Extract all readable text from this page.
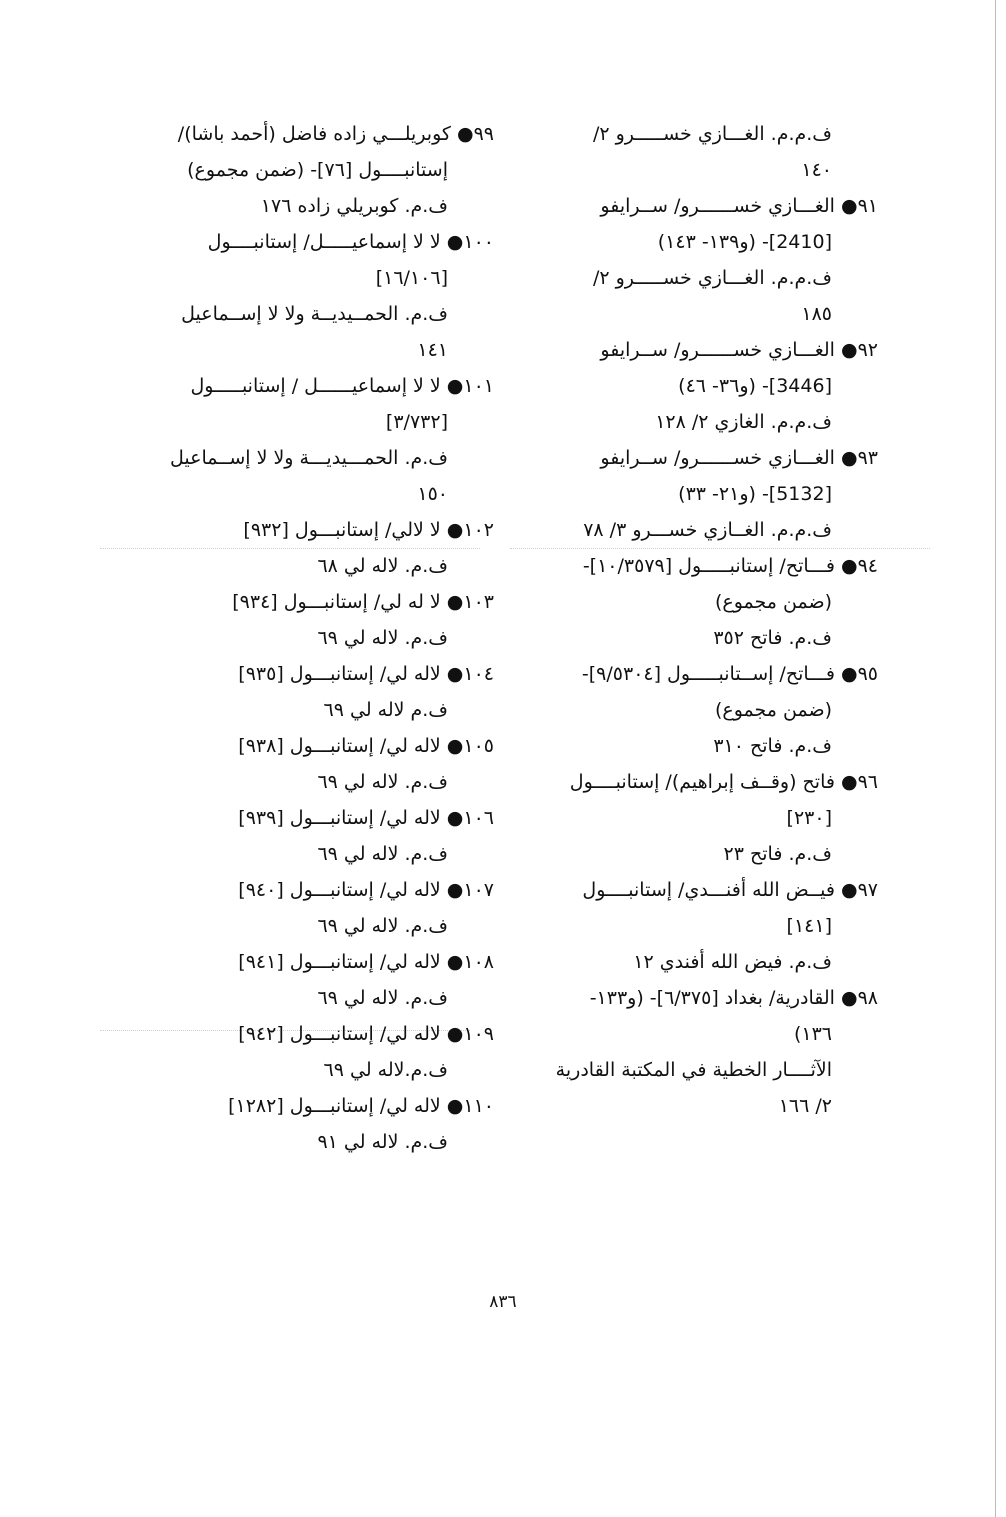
ف.م.م. الغـــازي خســـــرو ٢/
١٤٠
٩١● الغـــازي خســــــرو/ ســرايفو
[2410]- (و١٣٩- ١٤٣)
ف.م.م. الغـــازي خســـــرو ٢/
١٨٥
٩٢● الغـــازي خســــــرو/ ســرايفو
[3446]- (و٣٦- ٤٦)
ف.م.م. الغازي ٢/ ١٢٨
٩٣● الغـــازي خســــــرو/ ســرايفو
[5132]- (و٢١- ٣٣)
ف.م.م. الغــازي خســـرو ٣/ ٧٨
٩٤● فـــاتح/ إستانبـــــول [١٠/٣٥٧٩]-
(ضمن مجموع)
ف.م. فاتح ٣٥٢
٩٥● فـــاتح/ إســتانبـــــول [٩/٥٣٠٤]-
(ضمن مجموع)
ف.م. فاتح ٣١٠
٩٦● فاتح (وقــف إبراهيم)/ إستانبــــول
[٢٣٠]
ف.م. فاتح ٢٣
٩٧● فيــض الله أفنـــدي/ إستانبــــول
[١٤١]
ف.م. فيض الله أفندي ١٢
٩٨● القادرية/ بغداد [٦/٣٧٥]- (و١٣٣-
١٣٦)
الآثــــار الخطية في المكتبة القادرية
٢/ ١٦٦
٩٩● كوبريلـــي زاده فاضل (أحمد باشا)/
إستانبــــول [٧٦]- (ضمن مجموع)
ف.م. كوبريلي زاده ١٧٦
١٠٠● لا لا إسماعيـــــل/ إستانبــــول
[١٦/١٠٦]
ف.م. الحمــيديــة ولا لا إســماعيل
١٤١
١٠١● لا لا إسماعيــــــل / إستانبـــــول
[٣/٧٣٢]
ف.م. الحمـــيديـــة ولا لا إســماعيل
١٥٠
١٠٢● لا لالي/ إستانبـــول [٩٣٢]
ف.م. لاله لي ٦٨
١٠٣● لا له لي/ إستانبـــول [٩٣٤]
ف.م. لاله لي ٦٩
١٠٤● لاله لي/ إستانبـــول [٩٣٥]
ف.م لاله لي ٦٩
١٠٥● لاله لي/ إستانبـــول [٩٣٨]
ف.م. لاله لي ٦٩
١٠٦● لاله لي/ إستانبـــول [٩٣٩]
ف.م. لاله لي ٦٩
١٠٧● لاله لي/ إستانبـــول [٩٤٠]
ف.م. لاله لي ٦٩
١٠٨● لاله لي/ إستانبـــول [٩٤١]
ف.م. لاله لي ٦٩
١٠٩● لاله لي/ إستانبـــول [٩٤٢]
ف.م.لاله لي ٦٩
١١٠● لاله لي/ إستانبـــول [١٢٨٢]
ف.م. لاله لي ٩١
٨٣٦
